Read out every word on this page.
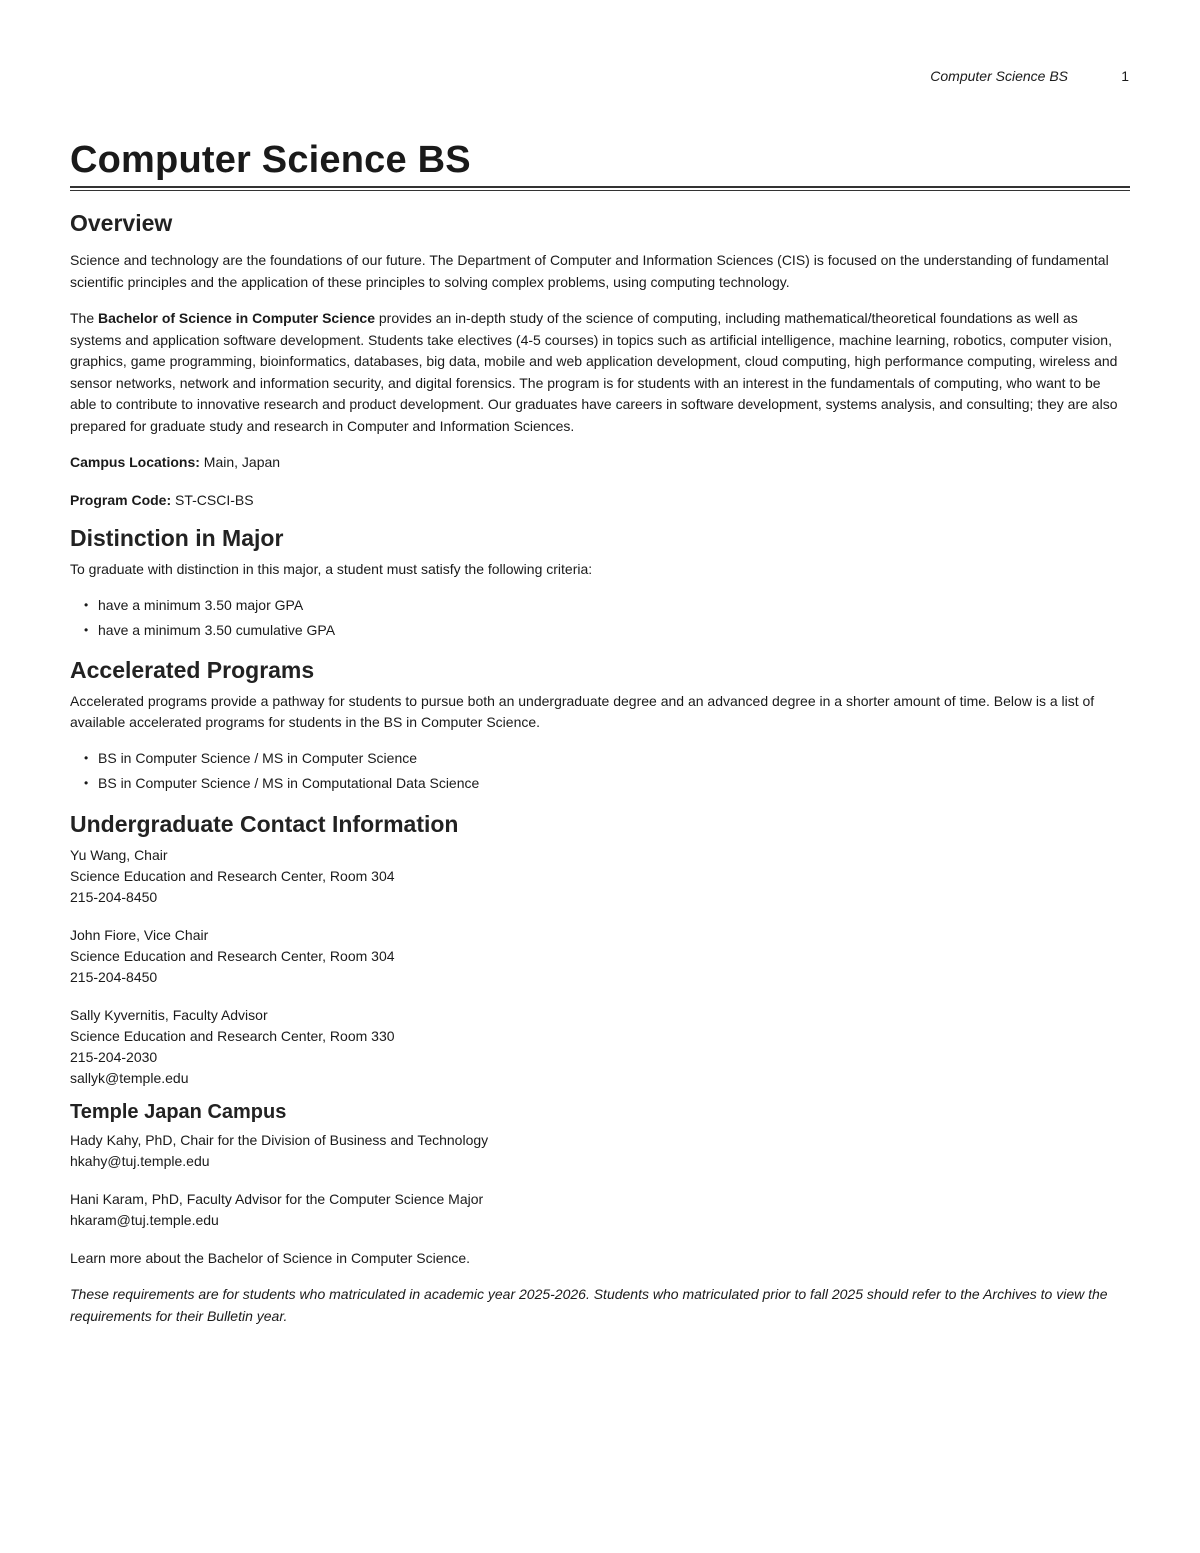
Computer Science BS	1
Computer Science BS
Overview

Science and technology are the foundations of our future. The Department of Computer and Information Sciences (CIS) is focused on the understanding of fundamental scientific principles and the application of these principles to solving complex problems, using computing technology.

The Bachelor of Science in Computer Science provides an in-depth study of the science of computing, including mathematical/theoretical foundations as well as systems and application software development. Students take electives (4-5 courses) in topics such as artificial intelligence, machine learning, robotics, computer vision, graphics, game programming, bioinformatics, databases, big data, mobile and web application development, cloud computing, high performance computing, wireless and sensor networks, network and information security, and digital forensics. The program is for students with an interest in the fundamentals of computing, who want to be able to contribute to innovative research and product development. Our graduates have careers in software development, systems analysis, and consulting; they are also prepared for graduate study and research in Computer and Information Sciences.

Campus Locations: Main, Japan

Program Code: ST-CSCI-BS

Distinction in Major

To graduate with distinction in this major, a student must satisfy the following criteria:

• have a minimum 3.50 major GPA
• have a minimum 3.50 cumulative GPA
Accelerated Programs

Accelerated programs provide a pathway for students to pursue both an undergraduate degree and an advanced degree in a shorter amount of time. Below is a list of available accelerated programs for students in the BS in Computer Science.

• BS in Computer Science / MS in Computer Science
• BS in Computer Science / MS in Computational Data Science
Undergraduate Contact Information
Yu Wang, Chair
Science Education and Research Center, Room 304
215-204-8450
John Fiore, Vice Chair
Science Education and Research Center, Room 304
215-204-8450
Sally Kyvernitis, Faculty Advisor
Science Education and Research Center, Room 330
215-204-2030
sallyk@temple.edu
Temple Japan Campus
Hady Kahy, PhD, Chair for the Division of Business and Technology
hkahy@tuj.temple.edu
Hani Karam, PhD, Faculty Advisor for the Computer Science Major
hkaram@tuj.temple.edu

Learn more about the Bachelor of Science in Computer Science.

These requirements are for students who matriculated in academic year 2025-2026. Students who matriculated prior to fall 2025 should refer to the Archives to view the requirements for their Bulletin year.
